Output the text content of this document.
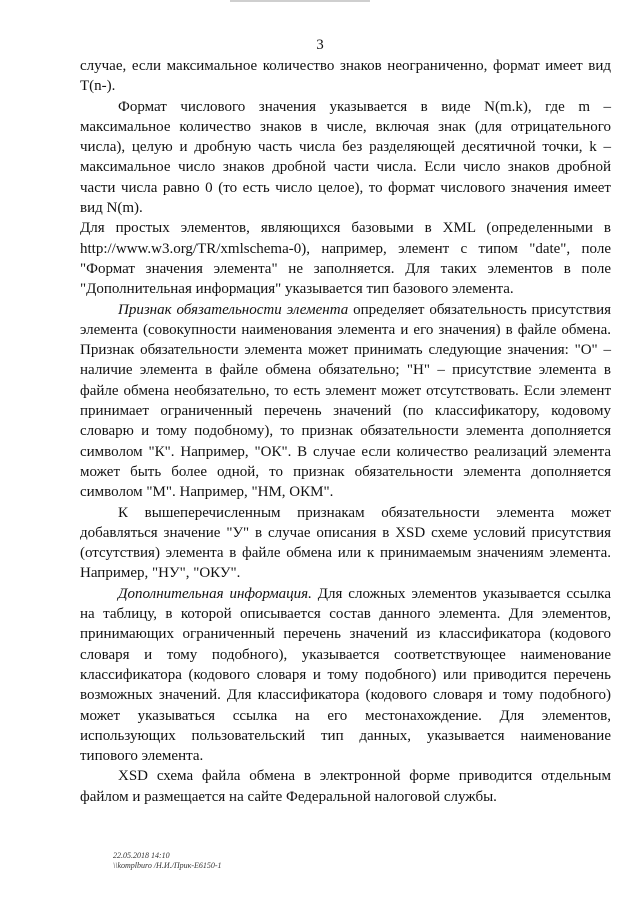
3

случае, если максимальное количество знаков неограниченно, формат имеет вид T(n-).

Формат числового значения указывается в виде N(m.k), где m – максимальное количество знаков в числе, включая знак (для отрицательного числа), целую и дробную часть числа без разделяющей десятичной точки, k – максимальное число знаков дробной части числа. Если число знаков дробной части числа равно 0 (то есть число целое), то формат числового значения имеет вид N(m).

Для простых элементов, являющихся базовыми в XML (определенными в http://www.w3.org/TR/xmlschema-0), например, элемент с типом "date", поле "Формат значения элемента" не заполняется. Для таких элементов в поле "Дополнительная информация" указывается тип базового элемента.

Признак обязательности элемента определяет обязательность присутствия элемента (совокупности наименования элемента и его значения) в файле обмена. Признак обязательности элемента может принимать следующие значения: "О" – наличие элемента в файле обмена обязательно; "Н" – присутствие элемента в файле обмена необязательно, то есть элемент может отсутствовать. Если элемент принимает ограниченный перечень значений (по классификатору, кодовому словарю и тому подобному), то признак обязательности элемента дополняется символом "К". Например, "ОК". В случае если количество реализаций элемента может быть более одной, то признак обязательности элемента дополняется символом "М". Например, "НМ, ОКМ".

К вышеперечисленным признакам обязательности элемента может добавляться значение "У" в случае описания в XSD схеме условий присутствия (отсутствия) элемента в файле обмена или к принимаемым значениям элемента. Например, "НУ", "ОКУ".

Дополнительная информация. Для сложных элементов указывается ссылка на таблицу, в которой описывается состав данного элемента. Для элементов, принимающих ограниченный перечень значений из классификатора (кодового словаря и тому подобного), указывается соответствующее наименование классификатора (кодового словаря и тому подобного) или приводится перечень возможных значений. Для классификатора (кодового словаря и тому подобного) может указываться ссылка на его местонахождение. Для элементов, использующих пользовательский тип данных, указывается наименование типового элемента.

XSD схема файла обмена в электронной форме приводится отдельным файлом и размещается на сайте Федеральной налоговой службы.

22.05.2018 14:10
\\komplburo /Н.И./Прик-Е6150-1
